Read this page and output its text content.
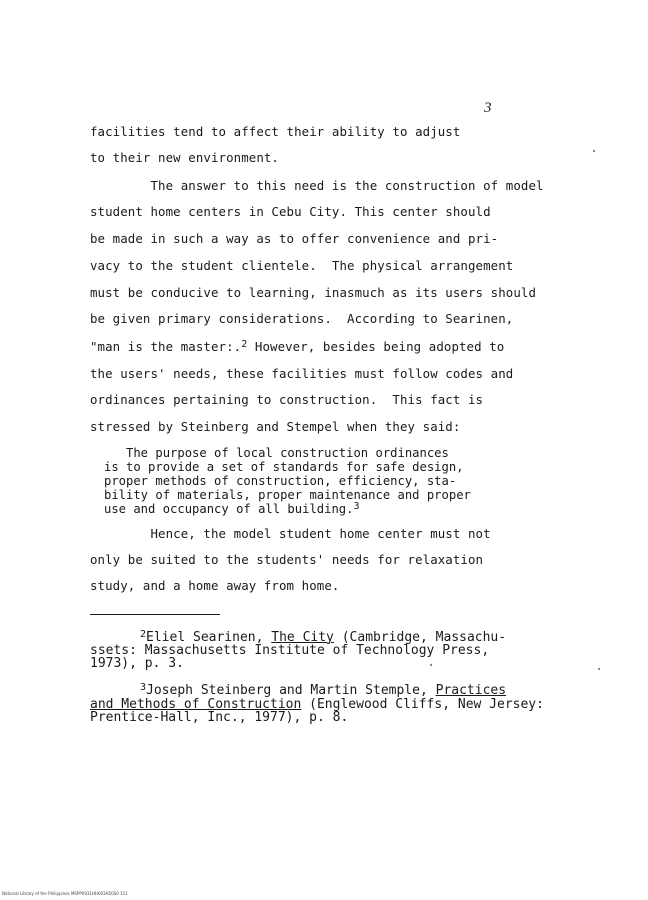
3
facilities tend to affect their ability to adjust
to their new environment.
The answer to this need is the construction of model
student home centers in Cebu City. This center should
be made in such a way as to offer convenience and pri-
vacy to the student clientele.  The physical arrangement
must be conducive to learning, inasmuch as its users should
be given primary considerations.  According to Searinen,
"man is the master:.$^2$ However, besides being adopted to
the users' needs, these facilities must follow codes and
ordinances pertaining to construction.  This fact is
stressed by Steinberg and Stempel when they said:
The purpose of local construction ordinances
is to provide a set of standards for safe design,
proper methods of construction, efficiency, sta-
bility of materials, proper maintenance and proper
use and occupancy of all building.$^3$
Hence, the model student home center must not
only be suited to the students' needs for relaxation
study, and a home away from home.
$^2$Eliel Searinen, The City (Cambridge, Massachu-
ssets: Massachusetts Institute of Technology Press,
1973), p. 3.
$^3$Joseph Steinberg and Martin Stemple, Practices
and Methods of Construction (Englewood Cliffs, New Jersey:
Prentice-Hall, Inc., 1977), p. 8.
National Library of the Philippines MSPP0931HH003H50S0 111
